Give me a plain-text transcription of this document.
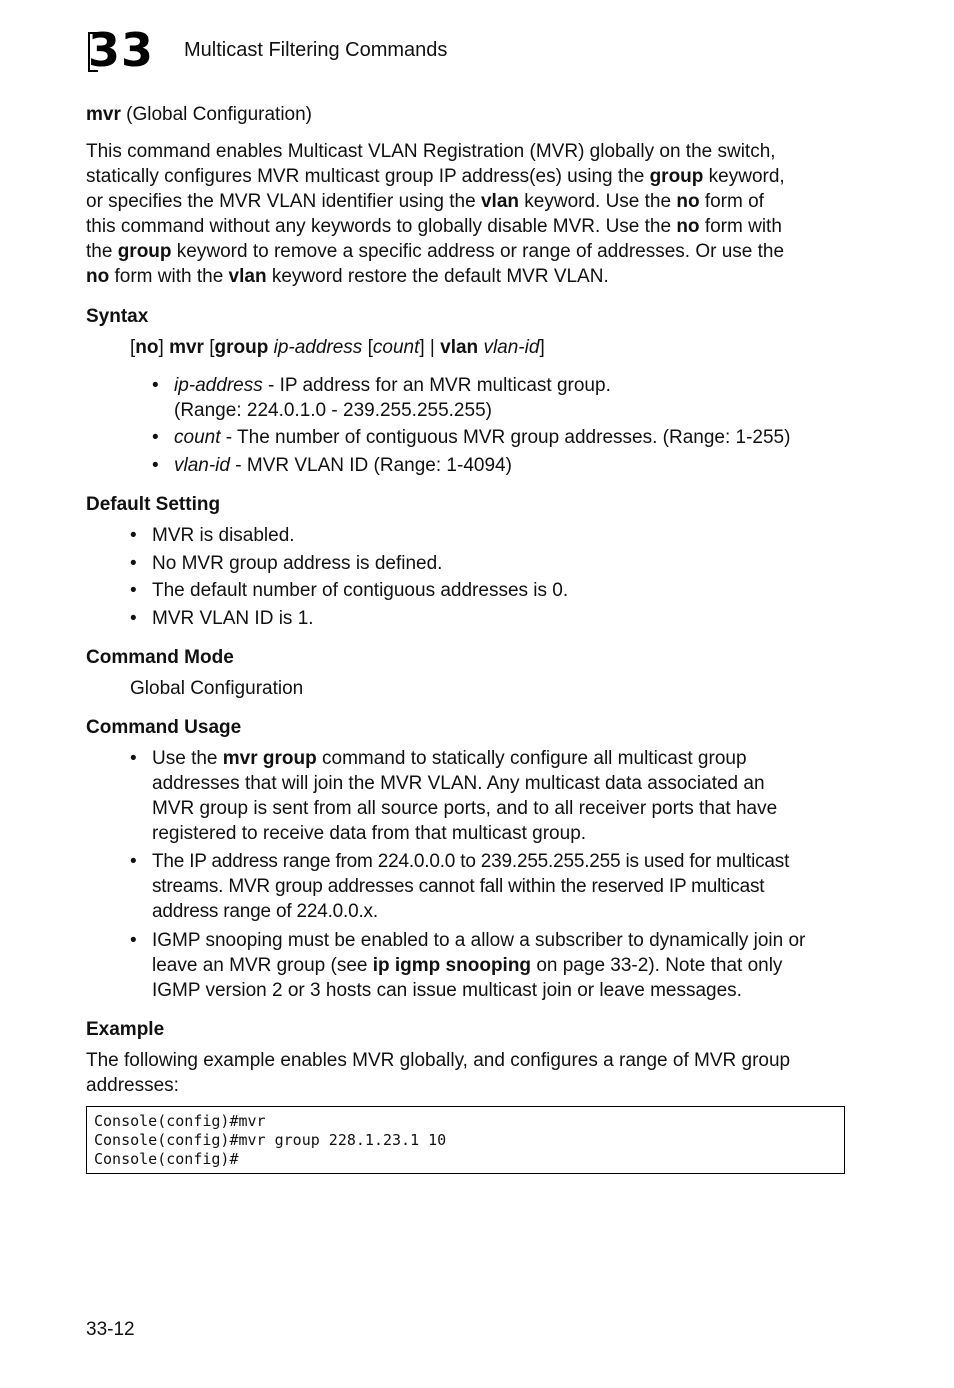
33 Multicast Filtering Commands
mvr (Global Configuration)
This command enables Multicast VLAN Registration (MVR) globally on the switch,
statically configures MVR multicast group IP address(es) using the group keyword,
or specifies the MVR VLAN identifier using the vlan keyword. Use the no form of
this command without any keywords to globally disable MVR. Use the no form with
the group keyword to remove a specific address or range of addresses. Or use the
no form with the vlan keyword restore the default MVR VLAN.
Syntax
[no] mvr [group ip-address [count] | vlan vlan-id]
• ip-address - IP address for an MVR multicast group.
(Range: 224.0.1.0 - 239.255.255.255)
• count - The number of contiguous MVR group addresses. (Range: 1-255)
• vlan-id - MVR VLAN ID (Range: 1-4094)
Default Setting
• MVR is disabled.
• No MVR group address is defined.
• The default number of contiguous addresses is 0.
• MVR VLAN ID is 1.
Command Mode
Global Configuration
Command Usage
• Use the mvr group command to statically configure all multicast group
addresses that will join the MVR VLAN. Any multicast data associated an
MVR group is sent from all source ports, and to all receiver ports that have
registered to receive data from that multicast group.
• The IP address range from 224.0.0.0 to 239.255.255.255 is used for multicast
streams. MVR group addresses cannot fall within the reserved IP multicast
address range of 224.0.0.x.
• IGMP snooping must be enabled to a allow a subscriber to dynamically join or
leave an MVR group (see ip igmp snooping on page 33-2). Note that only
IGMP version 2 or 3 hosts can issue multicast join or leave messages.
Example
The following example enables MVR globally, and configures a range of MVR group
addresses:
Console(config)#mvr
Console(config)#mvr group 228.1.23.1 10
Console(config)#
33-12
